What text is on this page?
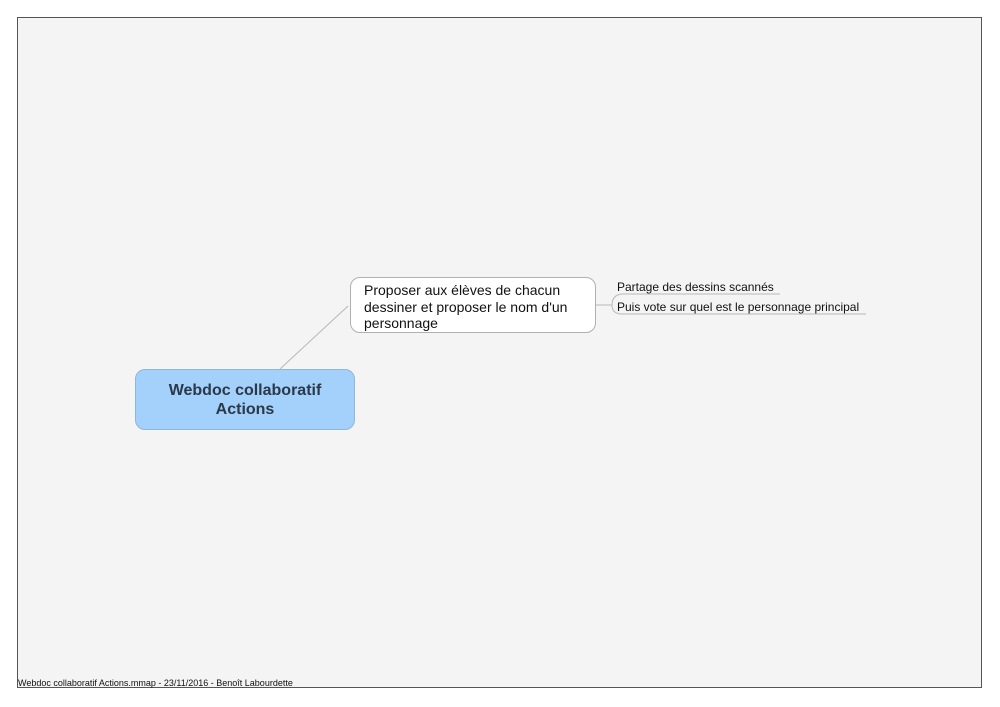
Webdoc collaboratif
Actions
Proposer aux élèves de chacun dessiner et proposer le nom d'un personnage
Partage des dessins scannés
Puis vote sur quel est le personnage principal
Webdoc collaboratif Actions.mmap - 23/11/2016 - Benoît Labourdette
